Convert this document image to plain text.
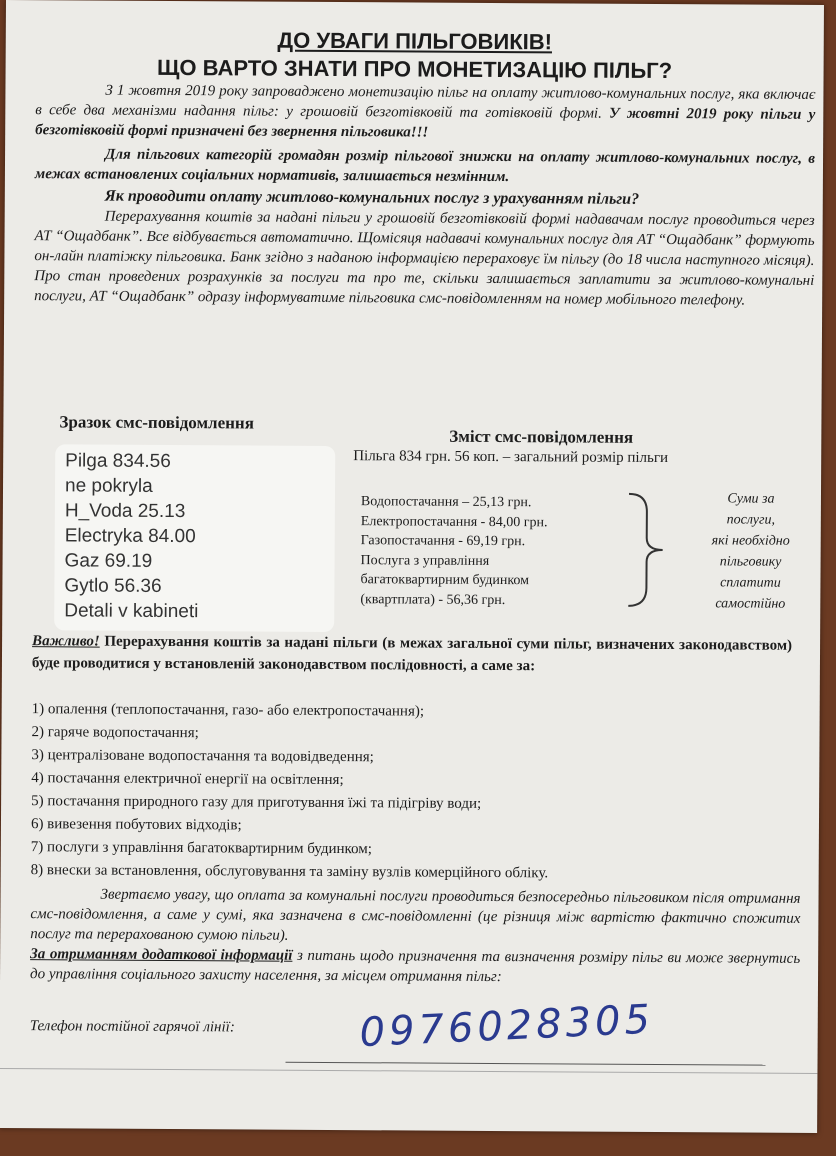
ДО УВАГИ ПІЛЬГОВИКІВ!
ЩО ВАРТО ЗНАТИ ПРО МОНЕТИЗАЦІЮ ПІЛЬГ?

З 1 жовтня 2019 року запроваджено монетизацію пільг на оплату житлово-комунальних послуг, яка включає в себе два механізми надання пільг: у грошовій безготівковій та готівковій формі. У жовтні 2019 року пільги у безготівковій формі призначені без звернення пільговика!!!

Для пільгових категорій громадян розмір пільгової знижки на оплату житлово-комунальних послуг, в межах встановлених соціальних нормативів, залишається незмінним.

Як проводити оплату житлово-комунальних послуг з урахуванням пільги?

Перерахування коштів за надані пільги у грошовій безготівковій формі надавачам послуг проводиться через АТ “Ощадбанк”. Все відбувається автоматично. Щомісяця надавачі комунальних послуг для АТ “Ощадбанк” формують он-лайн платіжку пільговика. Банк згідно з наданою інформацією перераховує їм пільгу (до 18 числа наступного місяця). Про стан проведених розрахунків за послуги та про те, скільки залишається заплатити за житлово-комунальні послуги, АТ “Ощадбанк” одразу інформуватиме пільговика смс-повідомленням на номер мобільного телефону.

Зразок смс-повідомлення
Зміст смс-повідомлення
Pilga 834.56
ne pokryla
H_Voda 25.13
Electryka 84.00
Gaz 69.19
Gytlo 56.36
Detali v kabineti
Пільга 834 грн. 56 коп. – загальний розмір пільги
Водопостачання – 25,13 грн.
Електропостачання - 84,00 грн.
Газопостачання - 69,19 грн.
Послуга з управління
багатоквартирним будинком
(квартплата) - 56,36 грн.
Суми за
послуги,
які необхідно
пільговику
сплатити
самостійно

Важливо! Перерахування коштів за надані пільги (в межах загальної суми пільг, визначених законодавством) буде проводитися у встановленій законодавством послідовності, а саме за:

1) опалення (теплопостачання, газо- або електропостачання);
2) гаряче водопостачання;
3) централізоване водопостачання та водовідведення;
4) постачання електричної енергії на освітлення;
5) постачання природного газу для приготування їжі та підігріву води;
6) вивезення побутових відходів;
7) послуги з управління багатоквартирним будинком;
8) внески за встановлення, обслуговування та заміну вузлів комерційного обліку.

Звертаємо увагу, що оплата за комунальні послуги проводиться безпосередньо пільговиком після отримання смс-повідомлення, а саме у сумі, яка зазначена в смс-повідомленні (це різниця між вартістю фактично спожитих послуг та перерахованою сумою пільги).

За отриманням додаткової інформації з питань щодо призначення та визначення розміру пільг ви може звернутись до управління соціального захисту населення, за місцем отримання пільг:

Телефон постійної гарячої лінії:	0976028305
